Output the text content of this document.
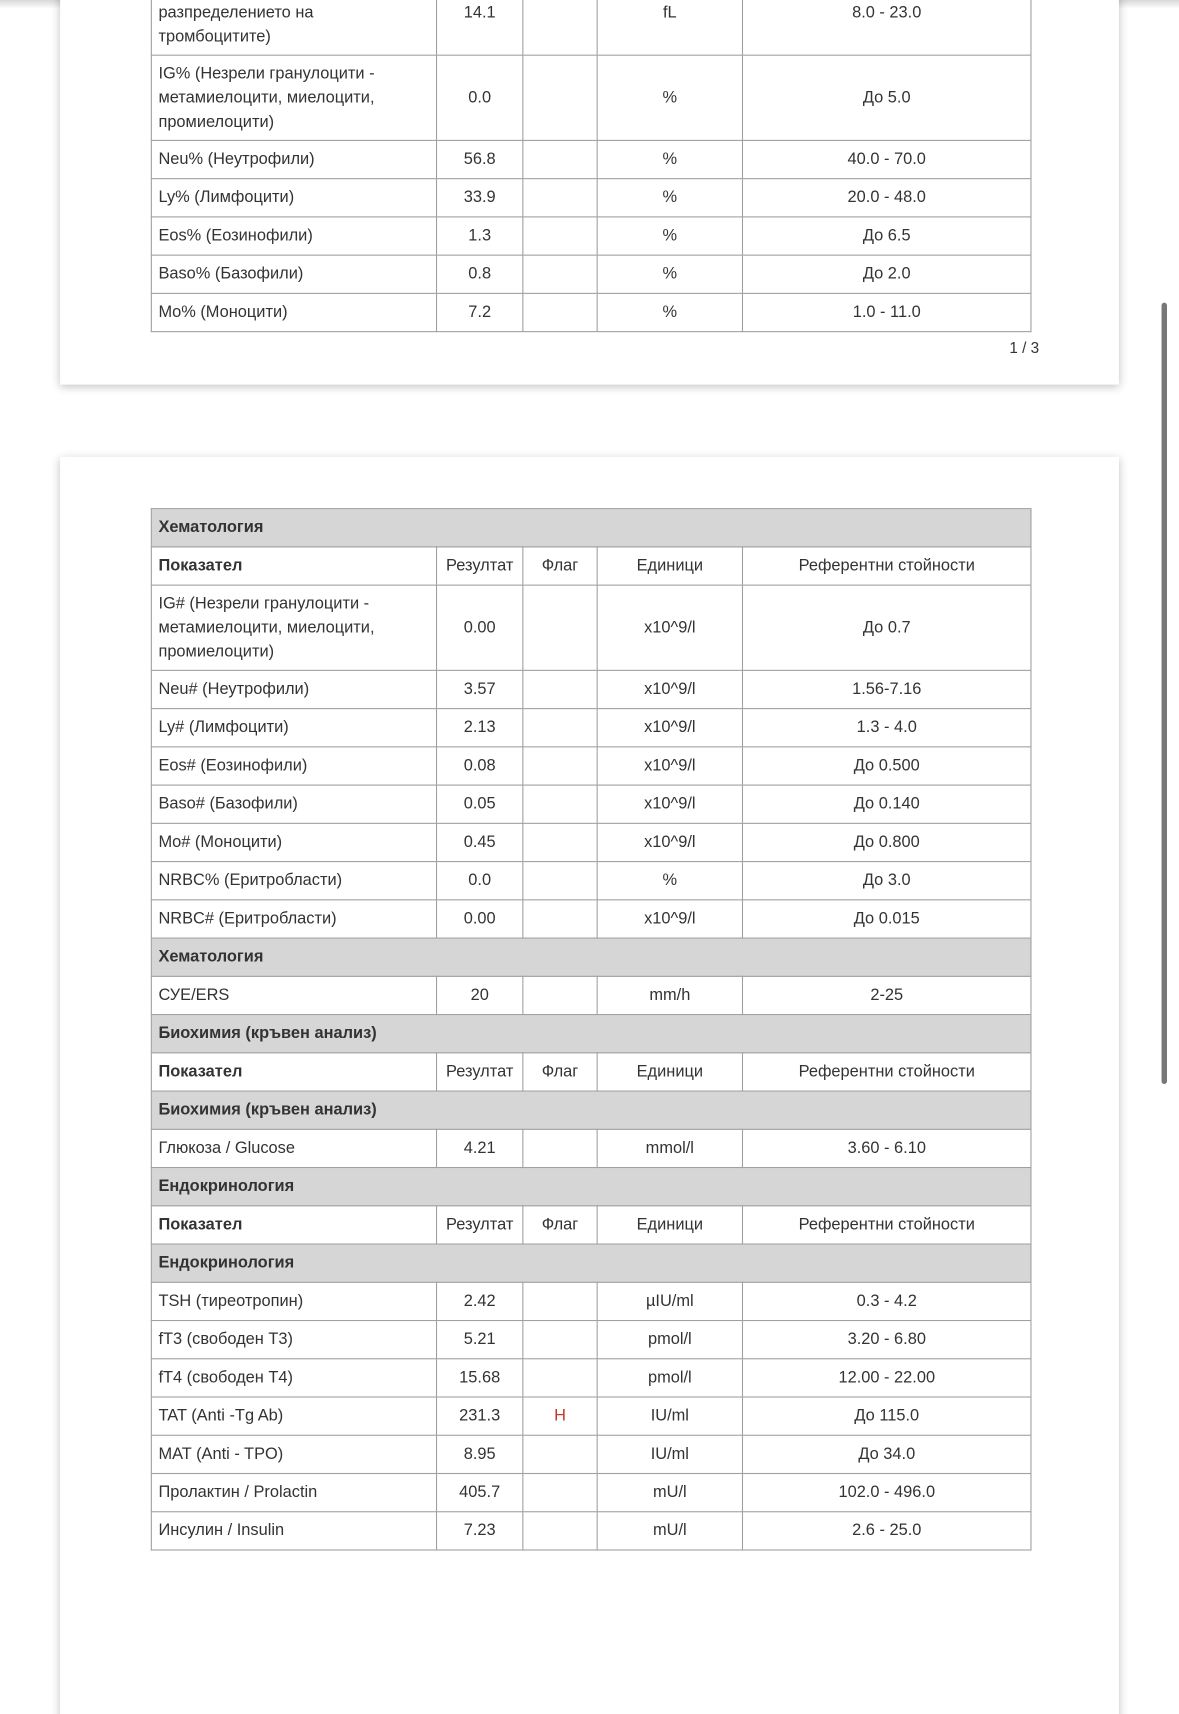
разпределението на тромбоцитите)	14.1		fL	8.0 - 23.0
IG% (Незрели гранулоцити - метамиелоцити, миелоцити, промиелоцити)	0.0		%	До 5.0
Neu% (Неутрофили)	56.8		%	40.0 - 70.0
Ly% (Лимфоцити)	33.9		%	20.0 - 48.0
Eos% (Еозинофили)	1.3		%	До 6.5
Baso% (Базофили)	0.8		%	До 2.0
Mo% (Моноцити)	7.2		%	1.0 - 11.0
1 / 3
Хематология				
Показател	Резултат	Флаг	Единици	Референтни стойности
IG# (Незрели гранулоцити - метамиелоцити, миелоцити, промиелоцити)	0.00		x10^9/l	До 0.7
Neu# (Неутрофили)	3.57		x10^9/l	1.56-7.16
Ly# (Лимфоцити)	2.13		x10^9/l	1.3 - 4.0
Eos# (Еозинофили)	0.08		x10^9/l	До 0.500
Baso# (Базофили)	0.05		x10^9/l	До 0.140
Mo# (Моноцити)	0.45		x10^9/l	До 0.800
NRBC% (Еритробласти)	0.0		%	До 3.0
NRBC# (Еритробласти)	0.00		x10^9/l	До 0.015
Хематология				
СУЕ/ERS	20		mm/h	2-25
Биохимия (кръвен анализ)				
Показател	Резултат	Флаг	Единици	Референтни стойности
Биохимия (кръвен анализ)				
Глюкоза / Glucose	4.21		mmol/l	3.60 - 6.10
Ендокринология				
Показател	Резултат	Флаг	Единици	Референтни стойности
Ендокринология				
TSH (тиреотропин)	2.42		µIU/ml	0.3 - 4.2
fT3 (свободен T3)	5.21		pmol/l	3.20 - 6.80
fT4 (свободен T4)	15.68		pmol/l	12.00 - 22.00
TAT (Anti -Tg Ab)	231.3	H	IU/ml	До 115.0
MAT (Anti - TPO)	8.95		IU/ml	До 34.0
Пролактин / Prolactin	405.7		mU/l	102.0 - 496.0
Инсулин / Insulin	7.23		mU/l	2.6 - 25.0
